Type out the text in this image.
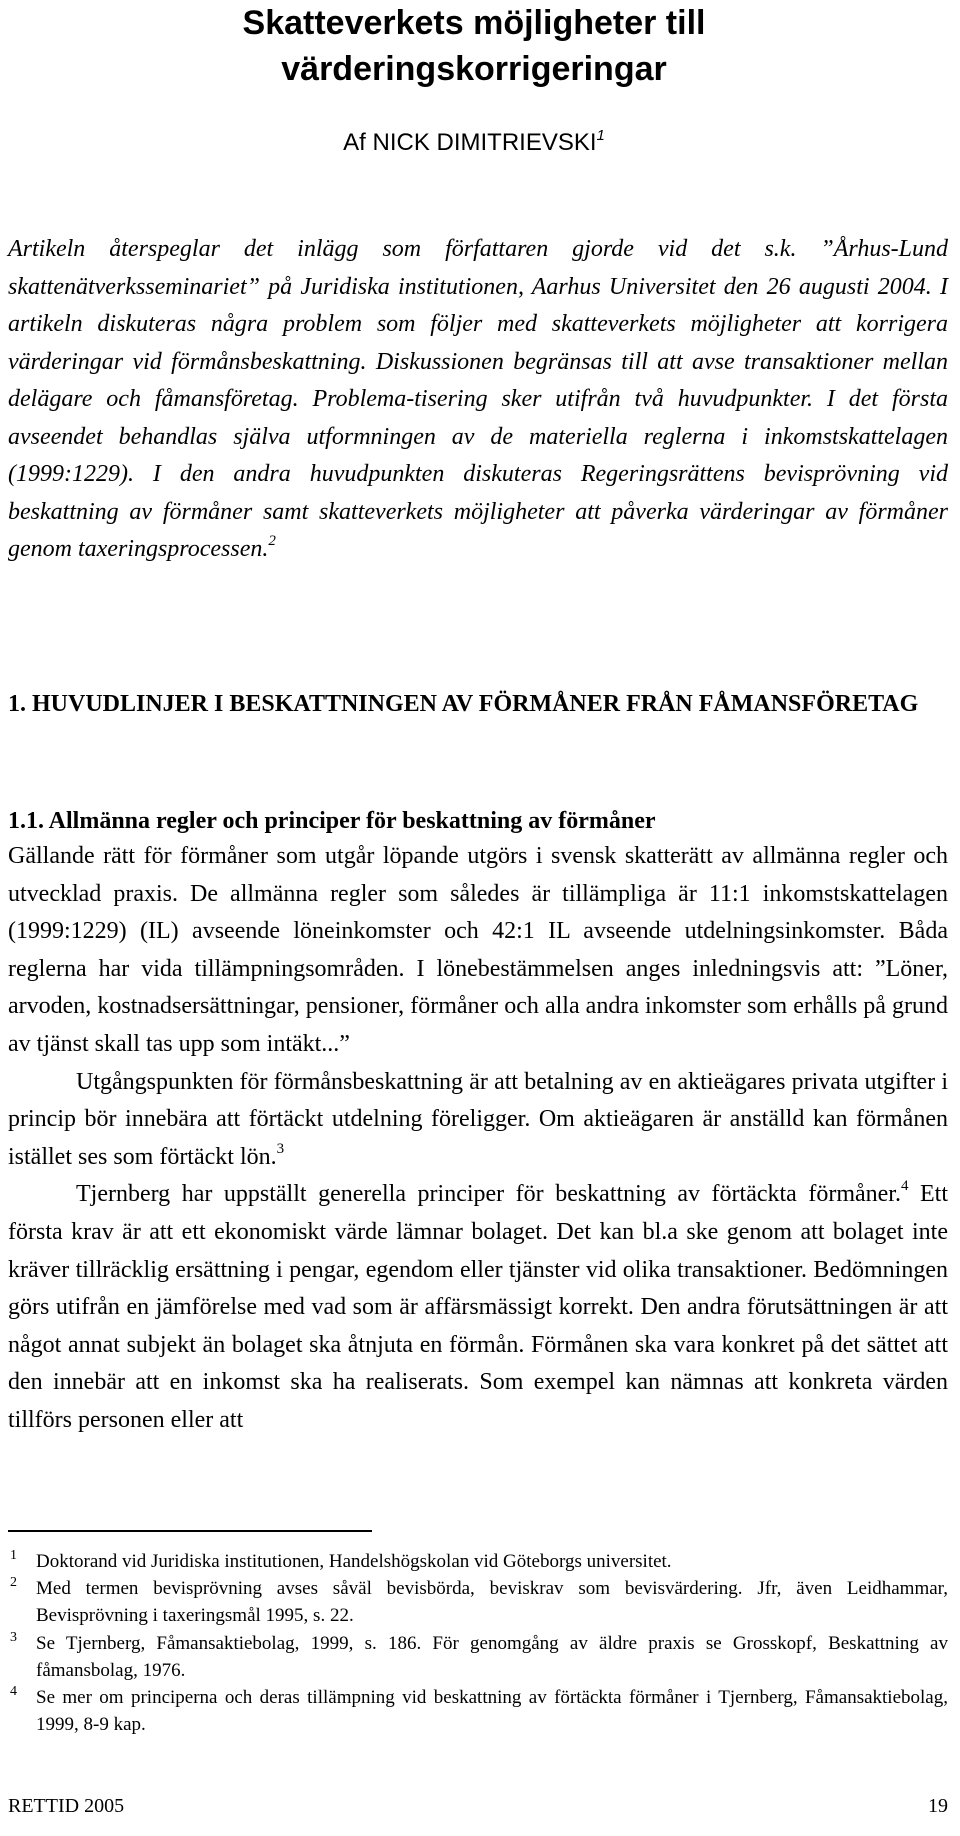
Skatteverkets möjligheter till
värderingskorrigeringar
Af NICK DIMITRIEVSKI$^1$
Artikeln återspeglar det inlägg som författaren gjorde vid det s.k. ”Århus-Lund skattenätverksseminariet” på Juridiska institutionen, Aarhus Universitet den 26 augusti 2004. I artikeln diskuteras några problem som följer med skatteverkets möjligheter att korrigera värderingar vid förmånsbeskattning. Diskussionen begränsas till att avse transaktioner mellan delägare och fåmansföretag. Problema-tisering sker utifrån två huvudpunkter. I det första avseendet behandlas själva utformningen av de materiella reglerna i inkomstskattelagen (1999:1229). I den andra huvudpunkten diskuteras Regeringsrättens bevisprövning vid beskattning av förmåner samt skatteverkets möjligheter att påverka värderingar av förmåner genom taxeringsprocessen.$^2$
1. HUVUDLINJER I BESKATTNINGEN AV FÖRMÅNER FRÅN FÅMANSFÖRETAG
1.1. Allmänna regler och principer för beskattning av förmåner

Gällande rätt för förmåner som utgår löpande utgörs i svensk skatterätt av allmänna regler och utvecklad praxis. De allmänna regler som således är tillämpliga är 11:1 inkomstskattelagen (1999:1229) (IL) avseende löneinkomster och 42:1 IL avseende utdelningsinkomster. Båda reglerna har vida tillämpningsområden. I lönebestämmelsen anges inledningsvis att: ”Löner, arvoden, kostnadsersättningar, pensioner, förmåner och alla andra inkomster som erhålls på grund av tjänst skall tas upp som intäkt...”

Utgångspunkten för förmånsbeskattning är att betalning av en aktieägares privata utgifter i princip bör innebära att förtäckt utdelning föreligger. Om aktieägaren är anställd kan förmånen istället ses som förtäckt lön.$^3$

Tjernberg har uppställt generella principer för beskattning av förtäckta förmåner.$^4$ Ett första krav är att ett ekonomiskt värde lämnar bolaget. Det kan bl.a ske genom att bolaget inte kräver tillräcklig ersättning i pengar, egendom eller tjänster vid olika transaktioner. Bedömningen görs utifrån en jämförelse med vad som är affärsmässigt korrekt. Den andra förutsättningen är att något annat subjekt än bolaget ska åtnjuta en förmån. Förmånen ska vara konkret på det sättet att den innebär att en inkomst ska ha realiserats. Som exempel kan nämnas att konkreta värden tillförs personen eller att

1 Doktorand vid Juridiska institutionen, Handelshögskolan vid Göteborgs universitet.
2 Med termen bevisprövning avses såväl bevisbörda, beviskrav som bevisvärdering. Jfr, även Leidhammar, Bevisprövning i taxeringsmål 1995, s. 22.
3 Se Tjernberg, Fåmansaktiebolag, 1999, s. 186. För genomgång av äldre praxis se Grosskopf, Beskattning av fåmansbolag, 1976.
4 Se mer om principerna och deras tillämpning vid beskattning av förtäckta förmåner i Tjernberg, Fåmansaktiebolag, 1999, 8-9 kap.
RETTID 2005	19
